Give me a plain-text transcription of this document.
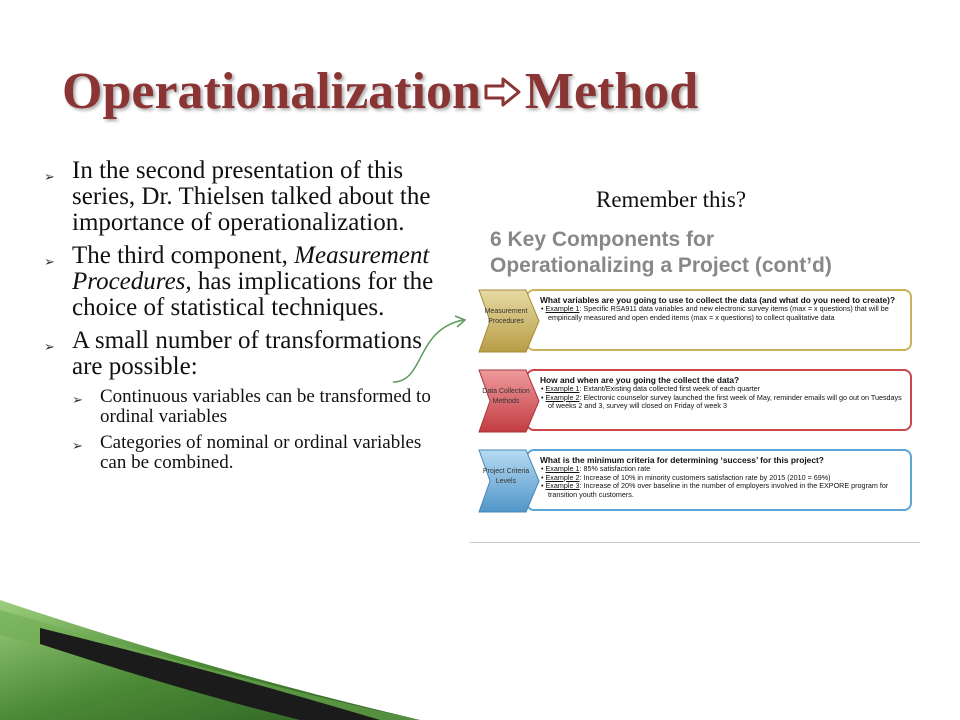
Operationalization Method
➢ In the second presentation of this series, Dr. Thielsen talked about the importance of operationalization.
➢ The third component, Measurement Procedures, has implications for the choice of statistical techniques.
➢ A small number of transformations are possible:
➢ Continuous variables can be transformed to ordinal variables
➢ Categories of nominal or ordinal variables can be combined.
Remember this?
6 Key Components for
Operationalizing a Project (cont’d)
What variables are you going to use to collect the data (and what do you need to create)?
• Example 1: Specific RSA911 data variables and new electronic survey items (max = x questions) that will be empirically measured and open ended items (max = x questions) to collect qualitative data
Measurement Procedures
How and when are you going the collect the data?
• Example 1: Extant/Existing data collected first week of each quarter
• Example 2: Electronic counselor survey launched the first week of May, reminder emails will go out on Tuesdays of weeks 2 and 3, survey will closed on Friday of week 3
Data Collection Methods
What is the minimum criteria for determining ‘success’ for this project?
• Example 1: 85% satisfaction rate
• Example 2: Increase of 10% in minority customers satisfaction rate by 2015 (2010 = 69%)
• Example 3: Increase of 20% over baseline in the number of employers involved in the EXPORE program for transition youth customers.
Project Criteria Levels
